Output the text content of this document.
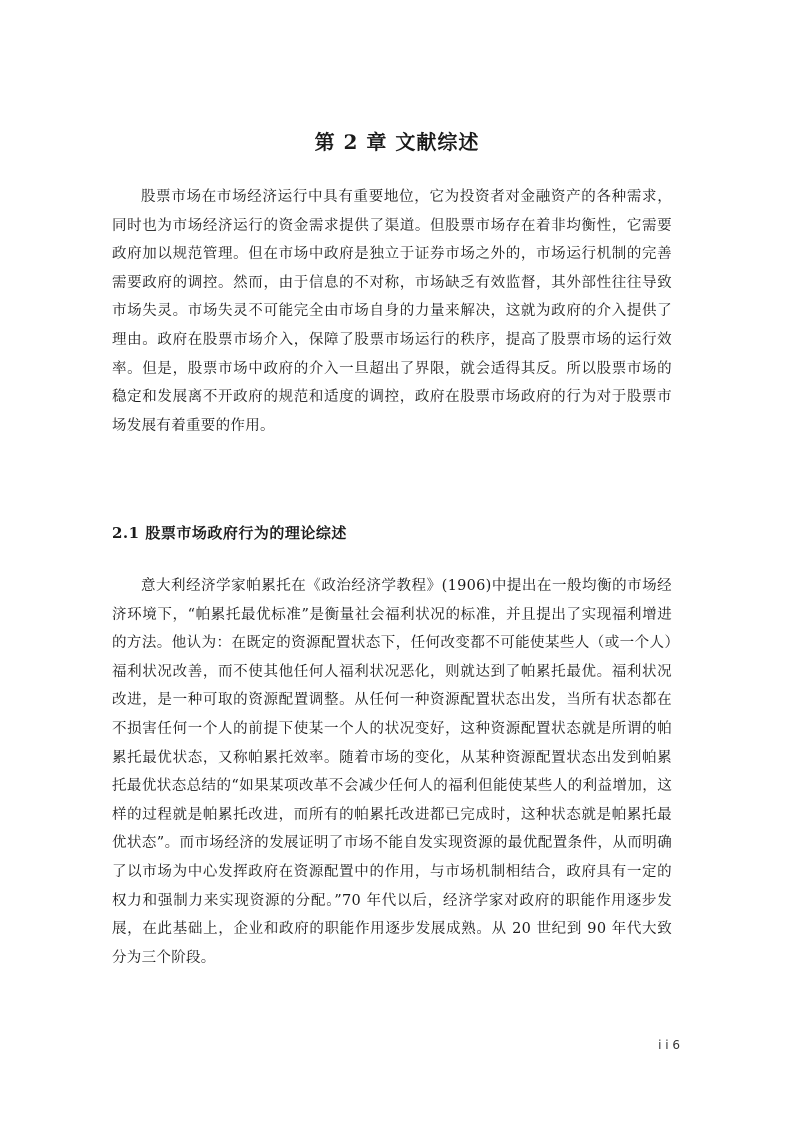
第 2 章 文献综述

股票市场在市场经济运行中具有重要地位，它为投资者对金融资产的各种需求，同时也为市场经济运行的资金需求提供了渠道。但股票市场存在着非均衡性，它需要政府加以规范管理。但在市场中政府是独立于证券市场之外的，市场运行机制的完善需要政府的调控。然而，由于信息的不对称，市场缺乏有效监督，其外部性往往导致市场失灵。市场失灵不可能完全由市场自身的力量来解决，这就为政府的介入提供了理由。政府在股票市场介入，保障了股票市场运行的秩序，提高了股票市场的运行效率。但是，股票市场中政府的介入一旦超出了界限，就会适得其反。所以股票市场的稳定和发展离不开政府的规范和适度的调控，政府在股票市场政府的行为对于股票市场发展有着重要的作用。

2.1 股票市场政府行为的理论综述

意大利经济学家帕累托在《政治经济学教程》(1906)中提出在一般均衡的市场经济环境下，“帕累托最优标准”是衡量社会福利状况的标准，并且提出了实现福利增进的方法。他认为：在既定的资源配置状态下，任何改变都不可能使某些人（或一个人）福利状况改善，而不使其他任何人福利状况恶化，则就达到了帕累托最优。福利状况改进，是一种可取的资源配置调整。从任何一种资源配置状态出发，当所有状态都在不损害任何一个人的前提下使某一个人的状况变好，这种资源配置状态就是所谓的帕累托最优状态，又称帕累托效率。随着市场的变化，从某种资源配置状态出发到帕累托最优状态总结的“如果某项改革不会减少任何人的福利但能使某些人的利益增加，这样的过程就是帕累托改进，而所有的帕累托改进都已完成时，这种状态就是帕累托最优状态”。而市场经济的发展证明了市场不能自发实现资源的最优配置条件，从而明确了以市场为中心发挥政府在资源配置中的作用，与市场机制相结合，政府具有一定的权力和强制力来实现资源的分配。”70 年代以后，经济学家对政府的职能作用逐步发展，在此基础上，企业和政府的职能作用逐步发展成熟。从 20 世纪到 90 年代大致分为三个阶段。

i i 6
